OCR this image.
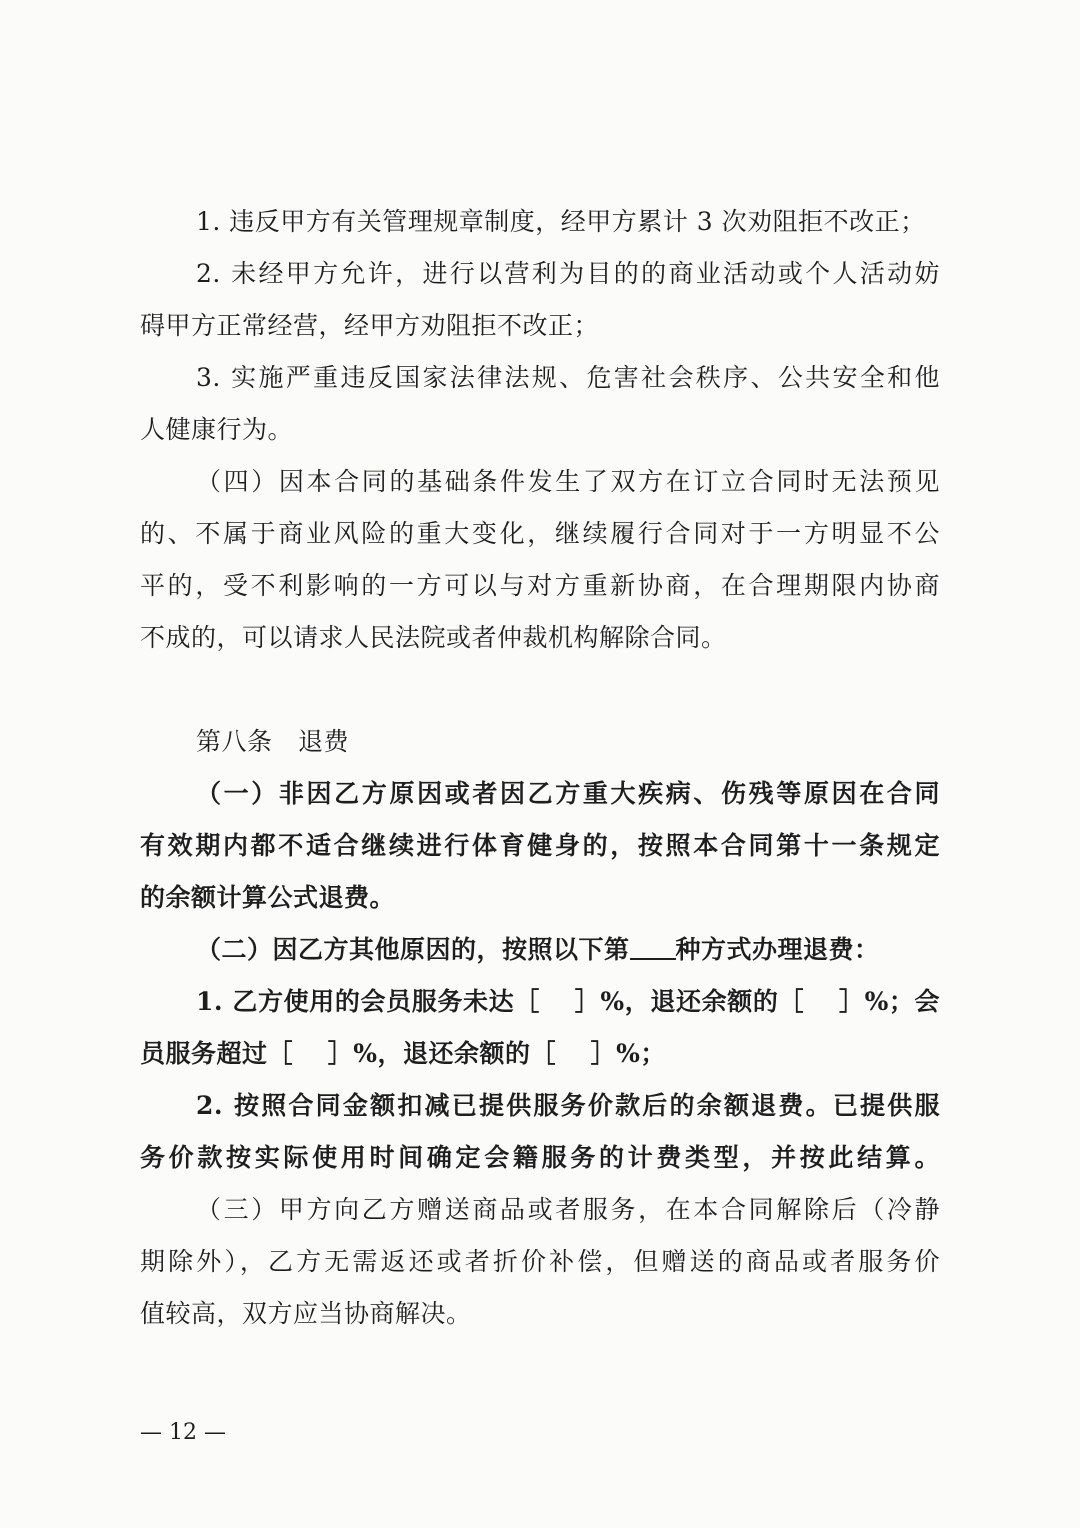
1. 违反甲方有关管理规章制度，经甲方累计 3 次劝阻拒不改正；
2. 未经甲方允许，进行以营利为目的的商业活动或个人活动妨
碍甲方正常经营，经甲方劝阻拒不改正；
3. 实施严重违反国家法律法规、危害社会秩序、公共安全和他
人健康行为。
（四）因本合同的基础条件发生了双方在订立合同时无法预见
的、不属于商业风险的重大变化，继续履行合同对于一方明显不公
平的，受不利影响的一方可以与对方重新协商，在合理期限内协商
不成的，可以请求人民法院或者仲裁机构解除合同。
第八条　退费
（一）非因乙方原因或者因乙方重大疾病、伤残等原因在合同
有效期内都不适合继续进行体育健身的，按照本合同第十一条规定
的余额计算公式退费。
（二）因乙方其他原因的，按照以下第 种方式办理退费：
1. 乙方使用的会员服务未达［　 ］%，退还余额的［　 ］%；会
员服务超过［　 ］%，退还余额的［　 ］%；
2. 按照合同金额扣减已提供服务价款后的余额退费。已提供服
务价款按实际使用时间确定会籍服务的计费类型，并按此结算。
（三）甲方向乙方赠送商品或者服务，在本合同解除后（冷静
期除外），乙方无需返还或者折价补偿，但赠送的商品或者服务价
值较高，双方应当协商解决。
— 12 —
